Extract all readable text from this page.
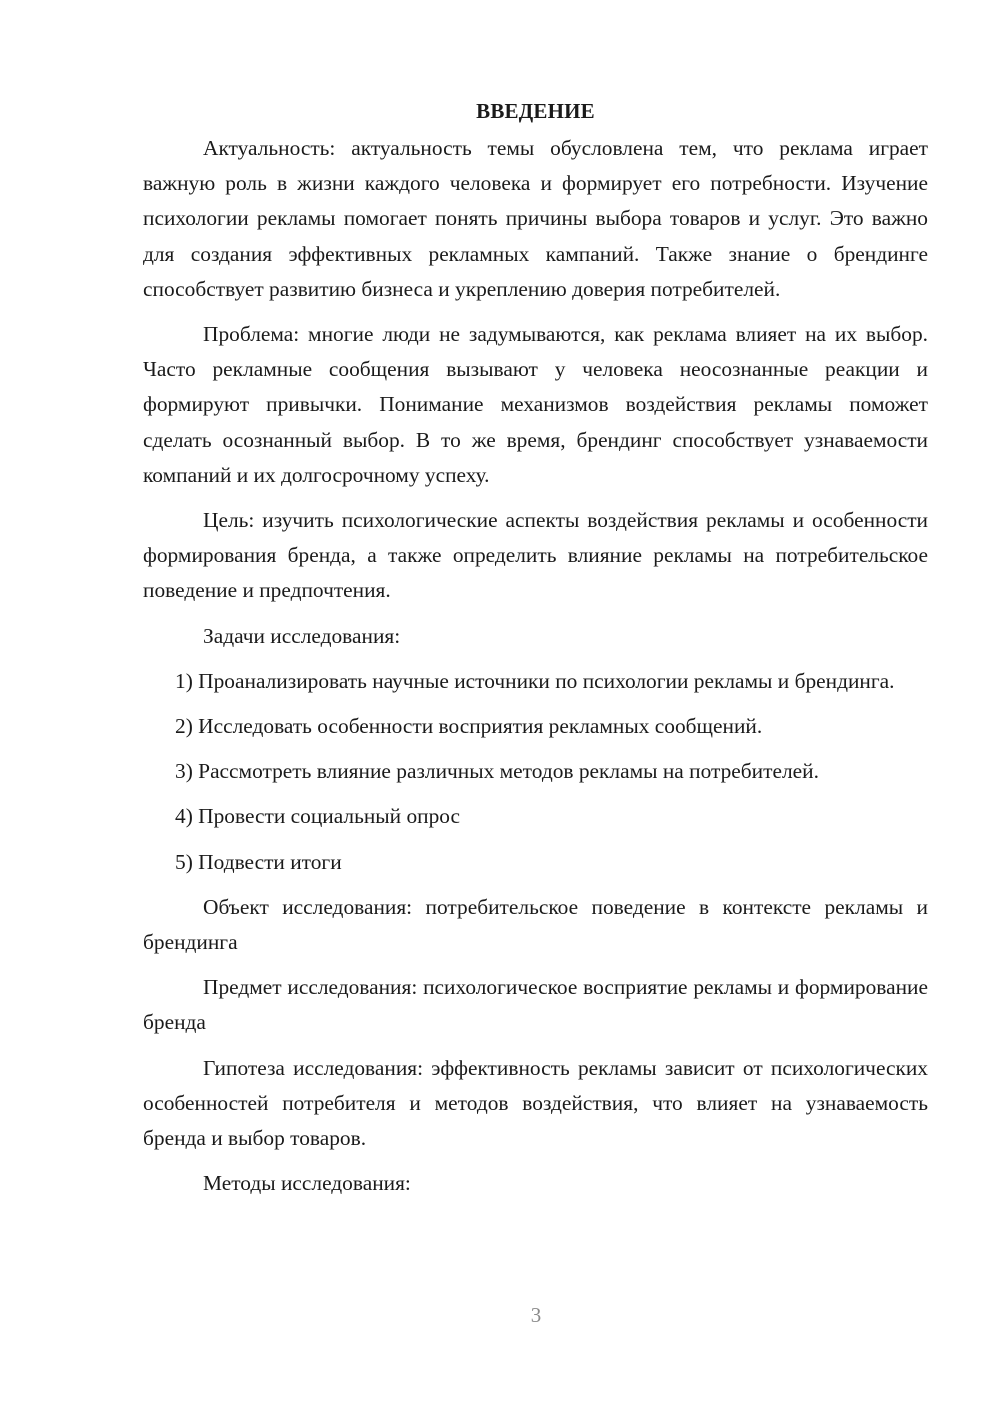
ВВЕДЕНИЕ

Актуальность: актуальность темы обусловлена тем, что реклама играет важную роль в жизни каждого человека и формирует его потребности. Изучение психологии рекламы помогает понять причины выбора товаров и услуг. Это важно для создания эффективных рекламных кампаний. Также знание о брендинге способствует развитию бизнеса и укреплению доверия потребителей.

Проблема: многие люди не задумываются, как реклама влияет на их выбор. Часто рекламные сообщения вызывают у человека неосознанные реакции и формируют привычки. Понимание механизмов воздействия рекламы поможет сделать осознанный выбор. В то же время, брендинг способствует узнаваемости компаний и их долгосрочному успеху.

Цель: изучить психологические аспекты воздействия рекламы и особенности формирования бренда, а также определить влияние рекламы на потребительское поведение и предпочтения.

Задачи исследования:

1) Проанализировать научные источники по психологии рекламы и брендинга.

2) Исследовать особенности восприятия рекламных сообщений.

3) Рассмотреть влияние различных методов рекламы на потребителей.

4) Провести социальный опрос

5) Подвести итоги

Объект исследования: потребительское поведение в контексте рекламы и брендинга

Предмет исследования: психологическое восприятие рекламы и формирование бренда

Гипотеза исследования: эффективность рекламы зависит от психологических особенностей потребителя и методов воздействия, что влияет на узнаваемость бренда и выбор товаров.

Методы исследования:

3
